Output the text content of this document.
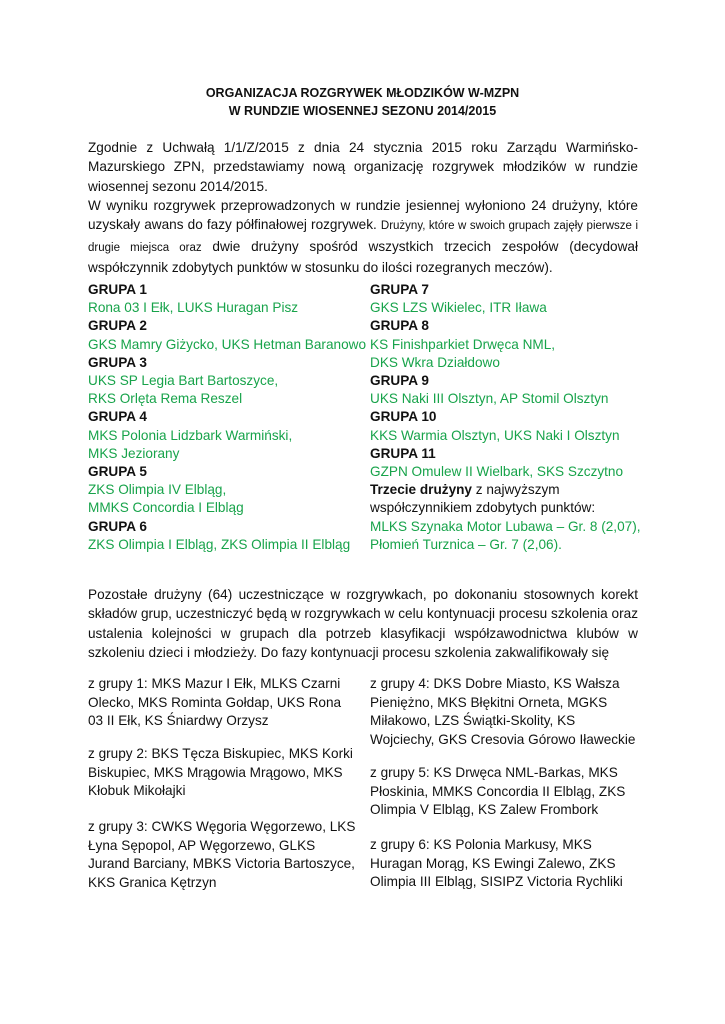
ORGANIZACJA ROZGRYWEK MŁODZIKÓW W-MZPN
W RUNDZIE WIOSENNEJ SEZONU 2014/2015
Zgodnie z Uchwałą 1/1/Z/2015 z dnia 24 stycznia 2015 roku Zarządu Warmińsko-Mazurskiego ZPN, przedstawiamy nową organizację rozgrywek młodzików w rundzie wiosennej sezonu 2014/2015.
W wyniku rozgrywek przeprowadzonych w rundzie jesiennej wyłoniono 24 drużyny, które uzyskały awans do fazy półfinałowej rozgrywek. Drużyny, które w swoich grupach zajęły pierwsze i drugie miejsca oraz dwie drużyny spośród wszystkich trzecich zespołów (decydował współczynnik zdobytych punktów w stosunku do ilości rozegranych meczów).
GRUPA 1
Rona 03 I Ełk, LUKS Huragan Pisz
GRUPA 2
GKS Mamry Giżycko, UKS Hetman Baranowo
GRUPA 3
UKS SP Legia Bart Bartoszyce,
RKS Orlęta Rema Reszel
GRUPA 4
MKS Polonia Lidzbark Warmiński,
MKS Jeziorany
GRUPA 5
ZKS Olimpia IV Elbląg,
MMKS Concordia I Elbląg
GRUPA 6
ZKS Olimpia I Elbląg, ZKS Olimpia II Elbląg
GRUPA 7
GKS LZS Wikielec, ITR Iława
GRUPA 8
KS Finishparkiet Drwęca NML,
DKS Wkra Działdowo
GRUPA 9
UKS Naki III Olsztyn, AP Stomil Olsztyn
GRUPA 10
KKS Warmia Olsztyn, UKS Naki I Olsztyn
GRUPA 11
GZPN Omulew II Wielbark, SKS Szczytno
Trzecie drużyny z najwyższym
współczynnikiem zdobytych punktów:
MLKS Szynaka Motor Lubawa – Gr. 8 (2,07),
Płomień Turznica – Gr. 7 (2,06).
Pozostałe drużyny (64) uczestniczące w rozgrywkach, po dokonaniu stosownych korekt składów grup, uczestniczyć będą w rozgrywkach w celu kontynuacji procesu szkolenia oraz ustalenia kolejności w grupach dla potrzeb klasyfikacji współzawodnictwa klubów w szkoleniu dzieci i młodzieży. Do fazy kontynuacji procesu szkolenia zakwalifikowały się
z grupy 1: MKS Mazur I Ełk, MLKS Czarni Olecko, MKS Rominta Gołdap, UKS Rona 03 II Ełk, KS Śniardwy Orzysz
z grupy 2: BKS Tęcza Biskupiec, MKS Korki Biskupiec, MKS Mrągowia Mrągowo, MKS Kłobuk Mikołajki
z grupy 3: CWKS Węgoria Węgorzewo, LKS Łyna Sępopol, AP Węgorzewo, GLKS Jurand Barciany, MBKS Victoria Bartoszyce, KKS Granica Kętrzyn
z grupy 4: DKS Dobre Miasto, KS Wałsza Pieniężno, MKS Błękitni Orneta, MGKS Miłakowo, LZS Świątki-Skolity, KS Wojciechy, GKS Cresovia Górowo Iławeckie
z grupy 5: KS Drwęca NML-Barkas, MKS Płoskinia, MMKS Concordia II Elbląg, ZKS Olimpia V Elbląg, KS Zalew Frombork
z grupy 6: KS Polonia Markusy, MKS Huragan Morąg, KS Ewingi Zalewo, ZKS Olimpia III Elbląg, SISIPZ Victoria Rychliki
